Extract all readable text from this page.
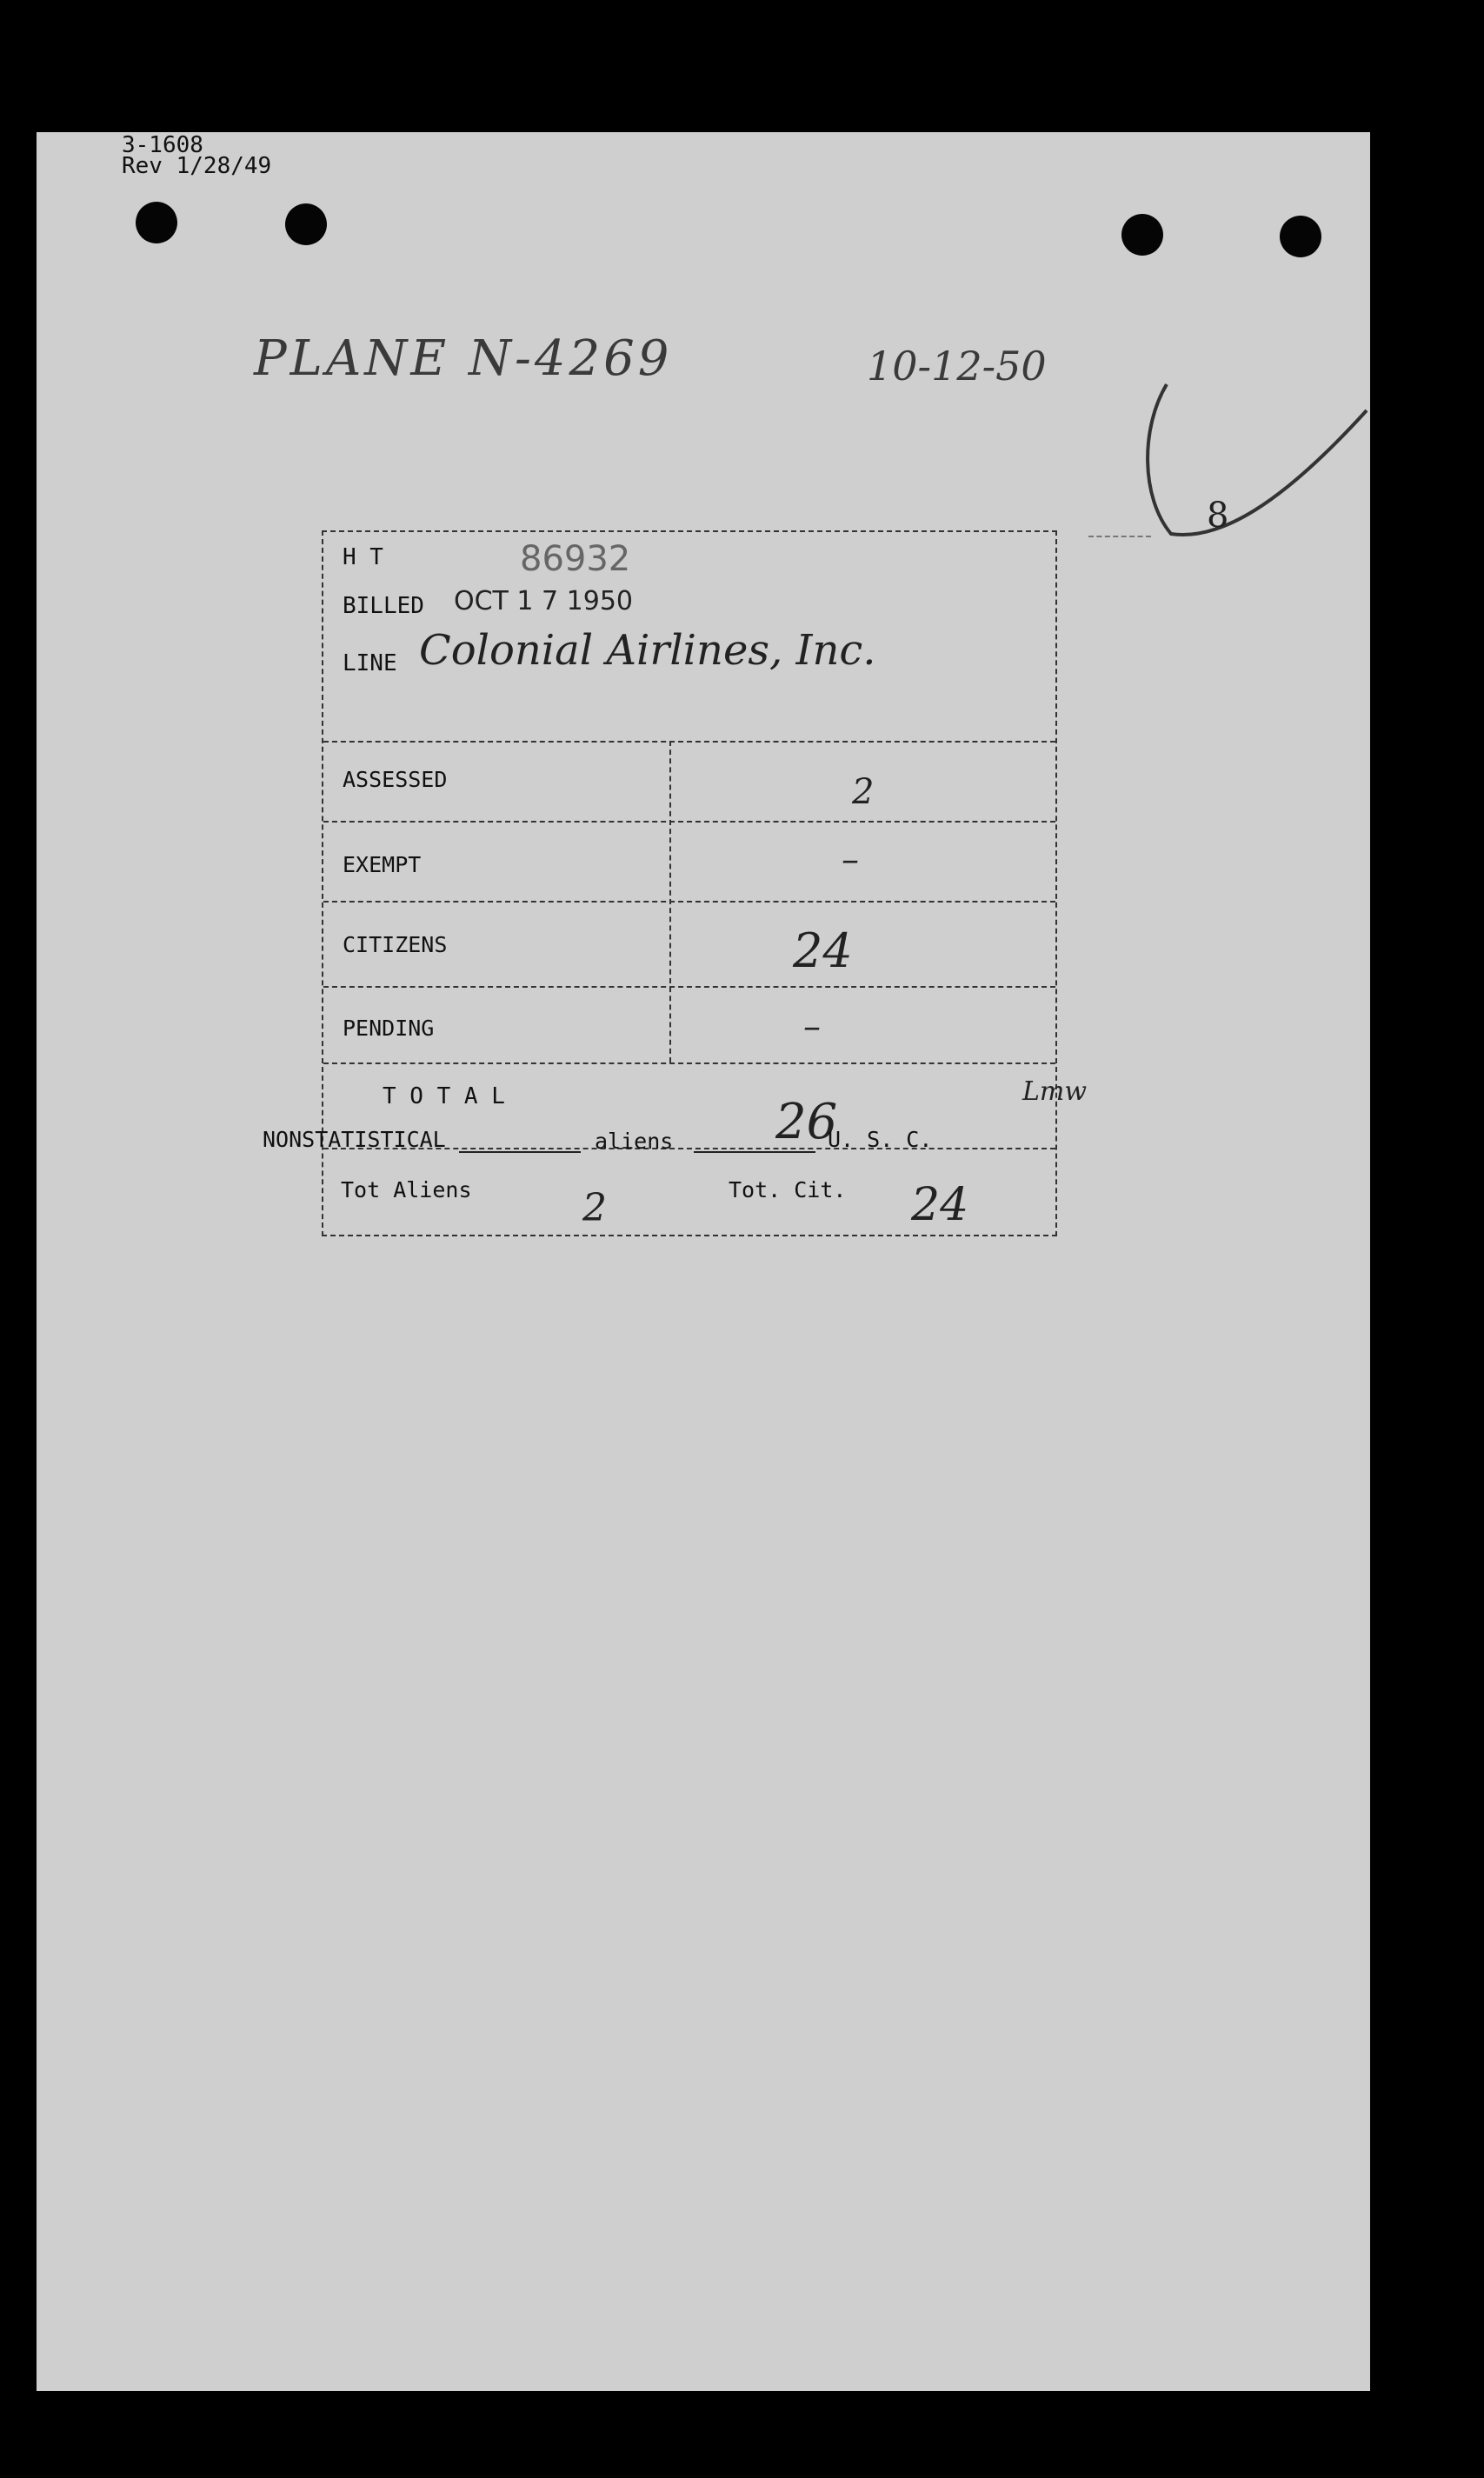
3-1608
Rev 1/28/49
PLANE N-4269	10-12-50
8
H T	86932
BILLED OCT 1 7 1950
LINE Colonial Airlines, Inc.
ASSESSED	2
EXEMPT	–
CITIZENS	24
PENDING	–
T O T A L	26
Tot Aliens	2	Tot. Cit. 24
Lmw
NONSTATISTICAL	aliens	U. S. C.
